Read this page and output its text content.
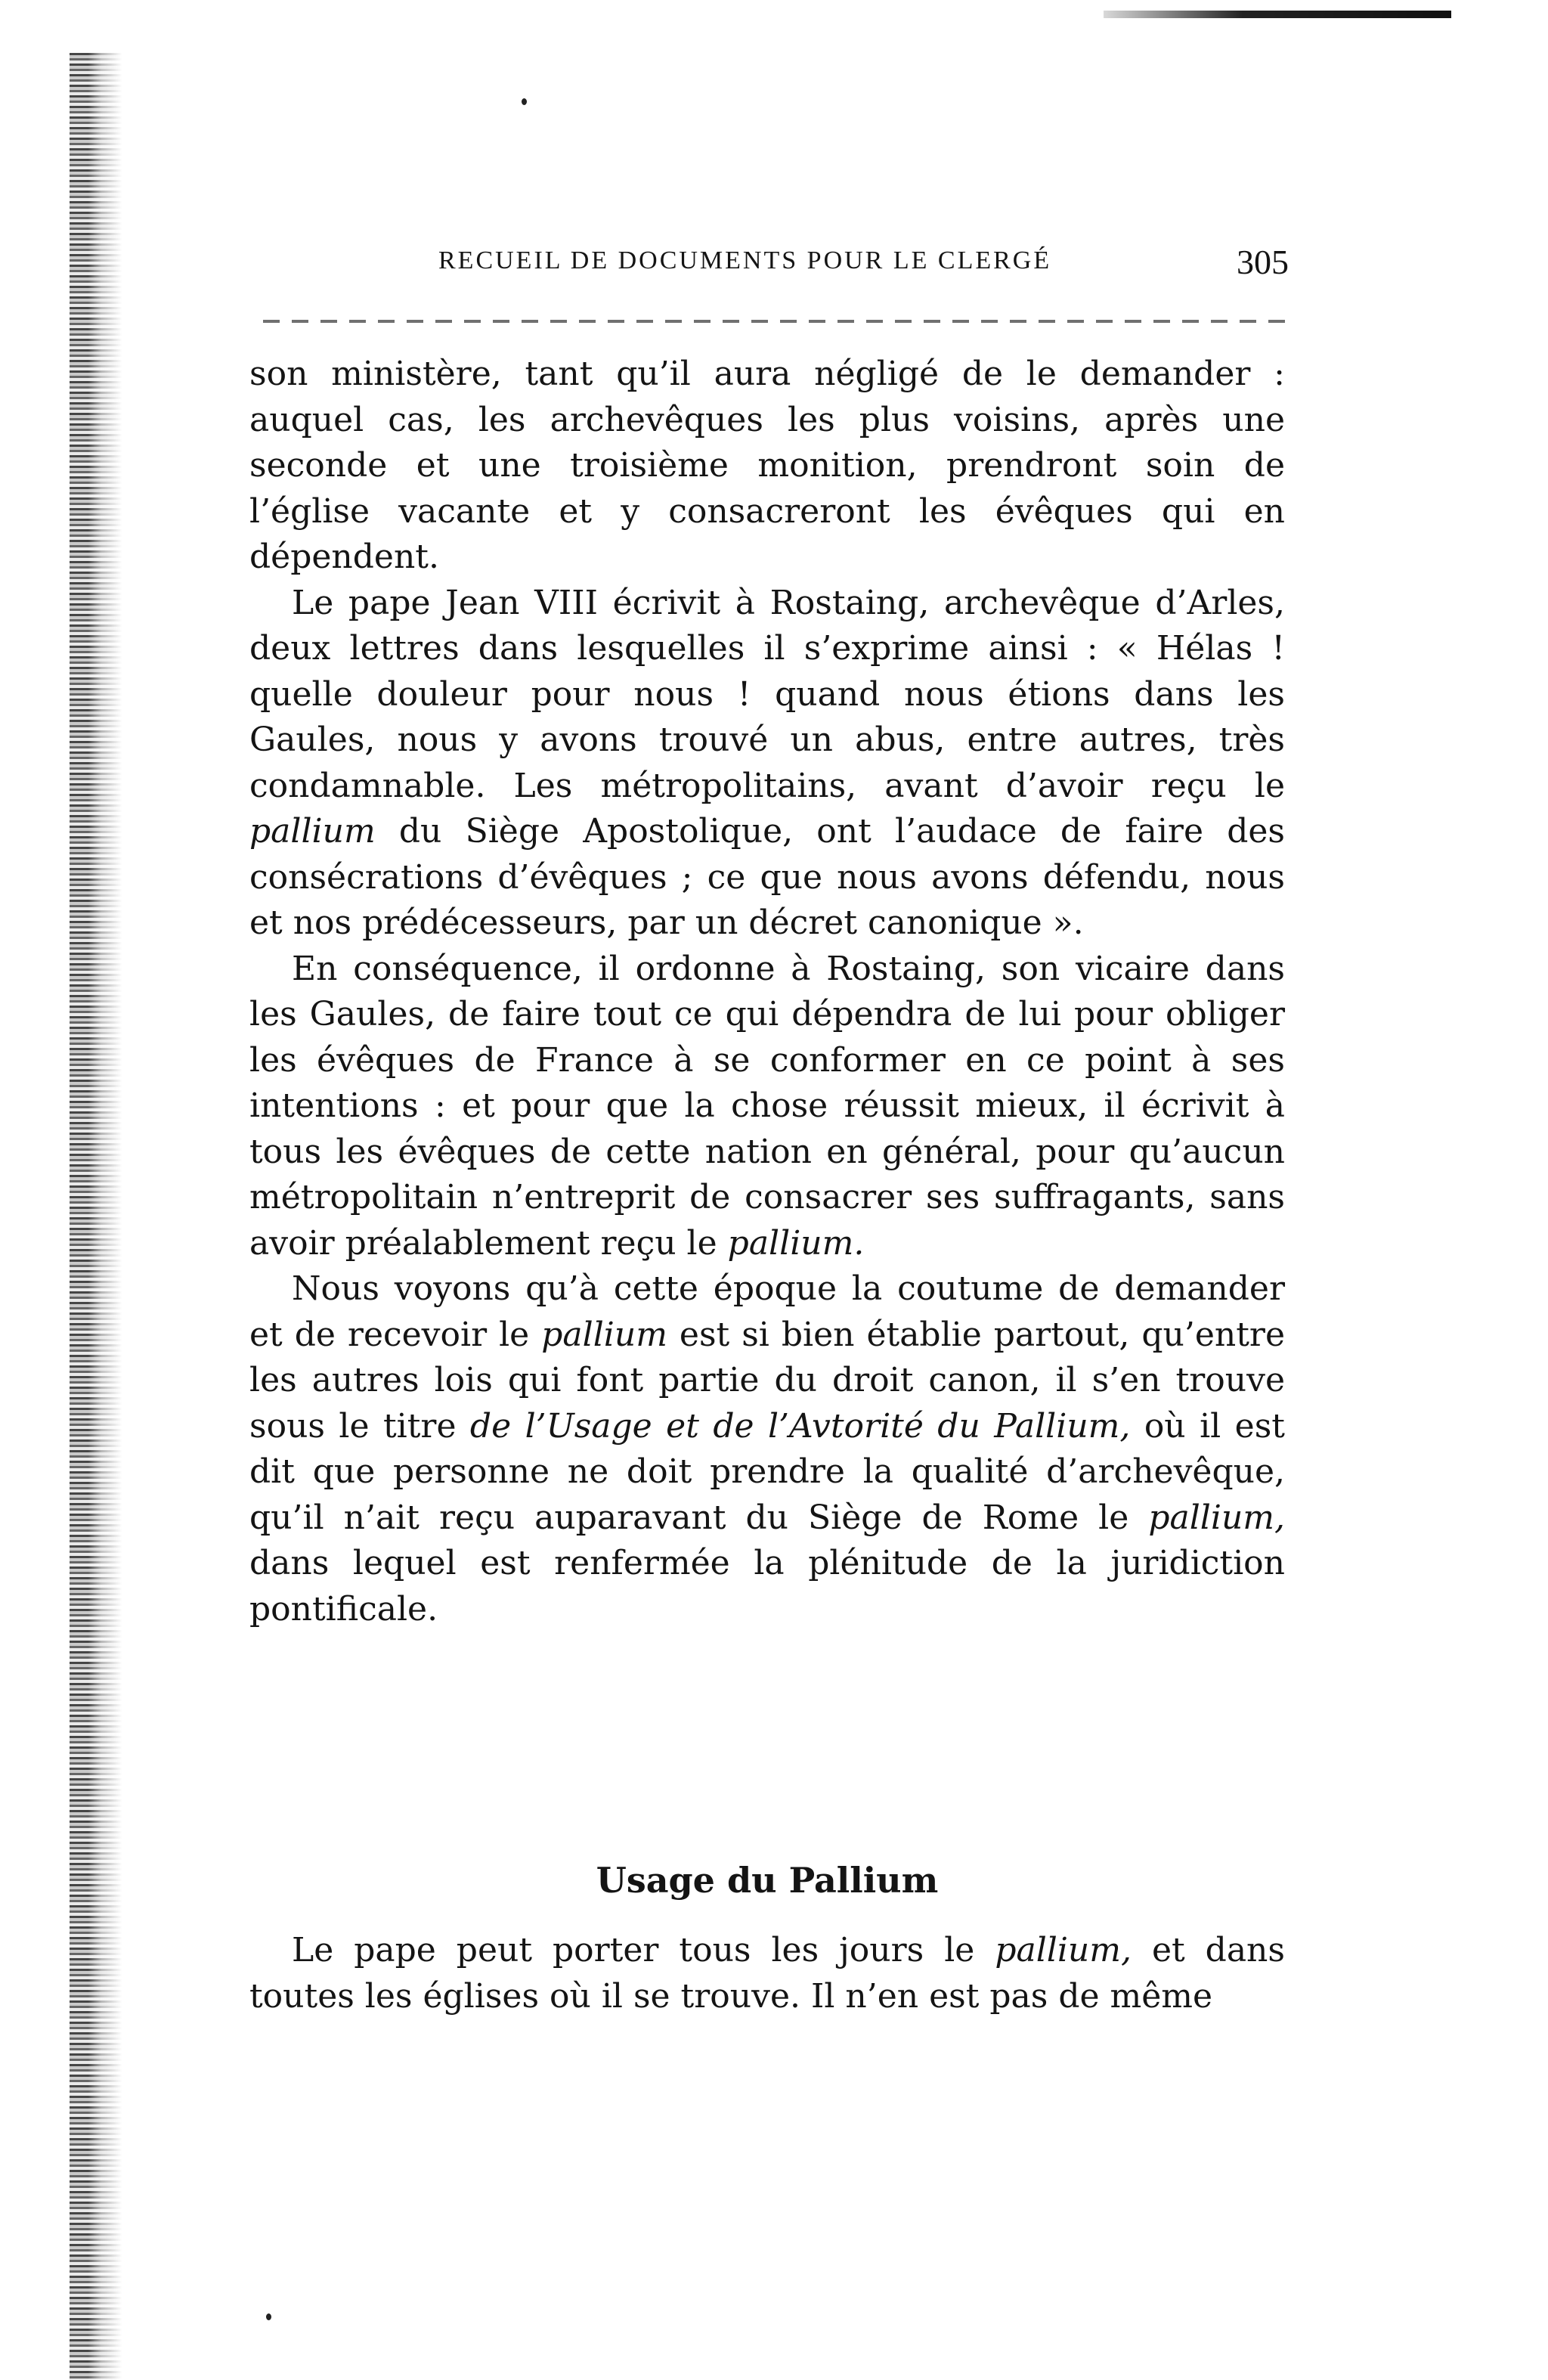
RECUEIL DE DOCUMENTS POUR LE CLERGÉ	305

son ministère, tant qu’il aura négligé de le demander : auquel cas, les archevêques les plus voisins, après une seconde et une troisième monition, prendront soin de l’église vacante et y consacreront les évêques qui en dépendent.

Le pape Jean VIII écrivit à Rostaing, archevêque d’Arles, deux lettres dans lesquelles il s’exprime ainsi : « Hélas ! quelle douleur pour nous ! quand nous étions dans les Gaules, nous y avons trouvé un abus, entre autres, très condamnable. Les métropolitains, avant d’avoir reçu le pallium du Siège Apostolique, ont l’audace de faire des consécrations d’évêques ; ce que nous avons défendu, nous et nos prédécesseurs, par un décret canonique ».

En conséquence, il ordonne à Rostaing, son vicaire dans les Gaules, de faire tout ce qui dépendra de lui pour obliger les évêques de France à se conformer en ce point à ses intentions : et pour que la chose réussit mieux, il écrivit à tous les évêques de cette nation en général, pour qu’aucun métropolitain n’entreprit de consacrer ses suffragants, sans avoir préalablement reçu le pallium.

Nous voyons qu’à cette époque la coutume de demander et de recevoir le pallium est si bien établie partout, qu’entre les autres lois qui font partie du droit canon, il s’en trouve sous le titre de l’Usage et de l’Avtorité du Pallium, où il est dit que personne ne doit prendre la qualité d’archevêque, qu’il n’ait reçu auparavant du Siège de Rome le pallium, dans lequel est renfermée la plénitude de la juridiction pontificale.

Usage du Pallium

Le pape peut porter tous les jours le pallium, et dans toutes les églises où il se trouve. Il n’en est pas de même
